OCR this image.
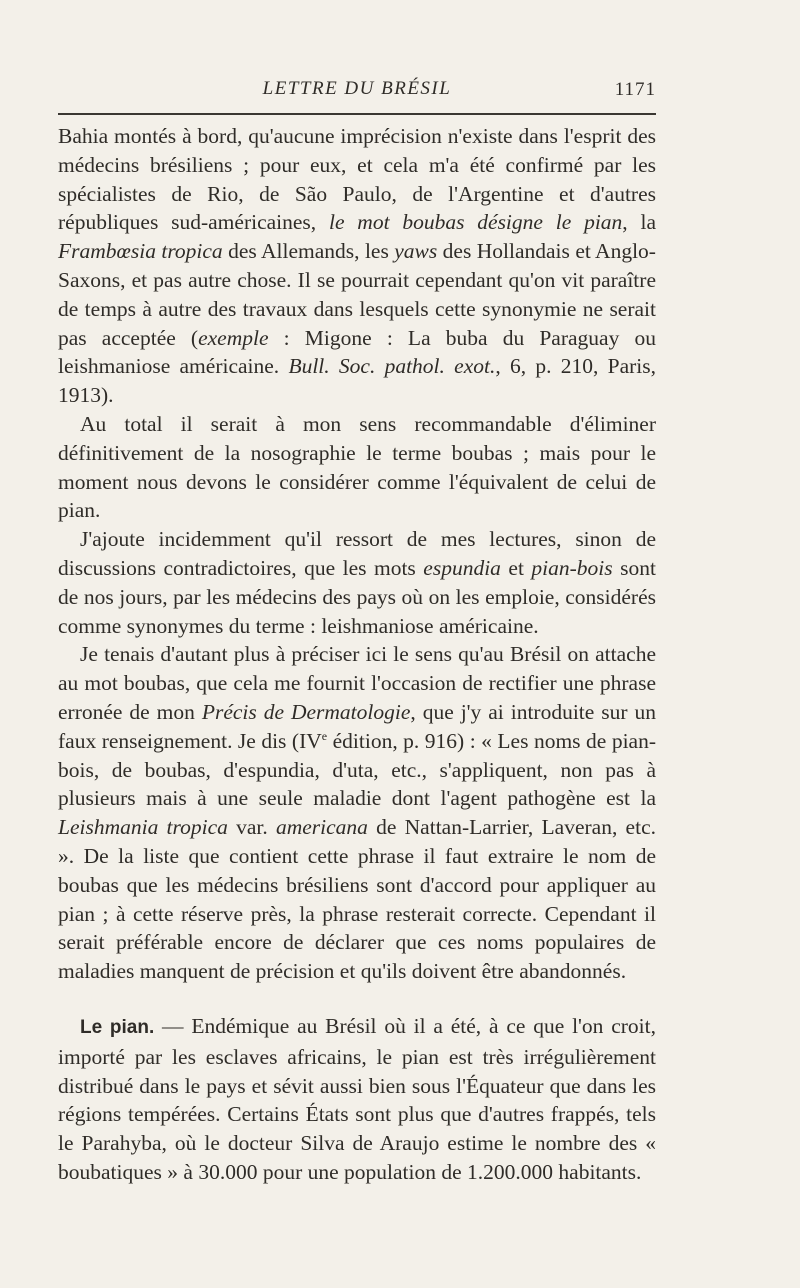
LETTRE DU BRÉSIL	1171

Bahia montés à bord, qu'aucune imprécision n'existe dans l'esprit des médecins brésiliens ; pour eux, et cela m'a été confirmé par les spécialistes de Rio, de São Paulo, de l'Argentine et d'autres républiques sud-américaines, le mot boubas désigne le pian, la Frambœsia tropica des Allemands, les yaws des Hollandais et Anglo-Saxons, et pas autre chose. Il se pourrait cependant qu'on vit paraître de temps à autre des travaux dans lesquels cette synonymie ne serait pas acceptée (exemple : Migone : La buba du Paraguay ou leishmaniose américaine. Bull. Soc. pathol. exot., 6, p. 210, Paris, 1913).

Au total il serait à mon sens recommandable d'éliminer définitivement de la nosographie le terme boubas ; mais pour le moment nous devons le considérer comme l'équivalent de celui de pian.

J'ajoute incidemment qu'il ressort de mes lectures, sinon de discussions contradictoires, que les mots espundia et pian-bois sont de nos jours, par les médecins des pays où on les emploie, considérés comme synonymes du terme : leishmaniose américaine.

Je tenais d'autant plus à préciser ici le sens qu'au Brésil on attache au mot boubas, que cela me fournit l'occasion de rectifier une phrase erronée de mon Précis de Dermatologie, que j'y ai introduite sur un faux renseignement. Je dis (IVe édition, p. 916) : « Les noms de pian-bois, de boubas, d'espundia, d'uta, etc., s'appliquent, non pas à plusieurs mais à une seule maladie dont l'agent pathogène est la Leishmania tropica var. americana de Nattan-Larrier, Laveran, etc. ». De la liste que contient cette phrase il faut extraire le nom de boubas que les médecins brésiliens sont d'accord pour appliquer au pian ; à cette réserve près, la phrase resterait correcte. Cependant il serait préférable encore de déclarer que ces noms populaires de maladies manquent de précision et qu'ils doivent être abandonnés.

Le pian. — Endémique au Brésil où il a été, à ce que l'on croit, importé par les esclaves africains, le pian est très irrégulièrement distribué dans le pays et sévit aussi bien sous l'Équateur que dans les régions tempérées. Certains États sont plus que d'autres frappés, tels le Parahyba, où le docteur Silva de Araujo estime le nombre des « boubatiques » à 30.000 pour une population de 1.200.000 habitants.
